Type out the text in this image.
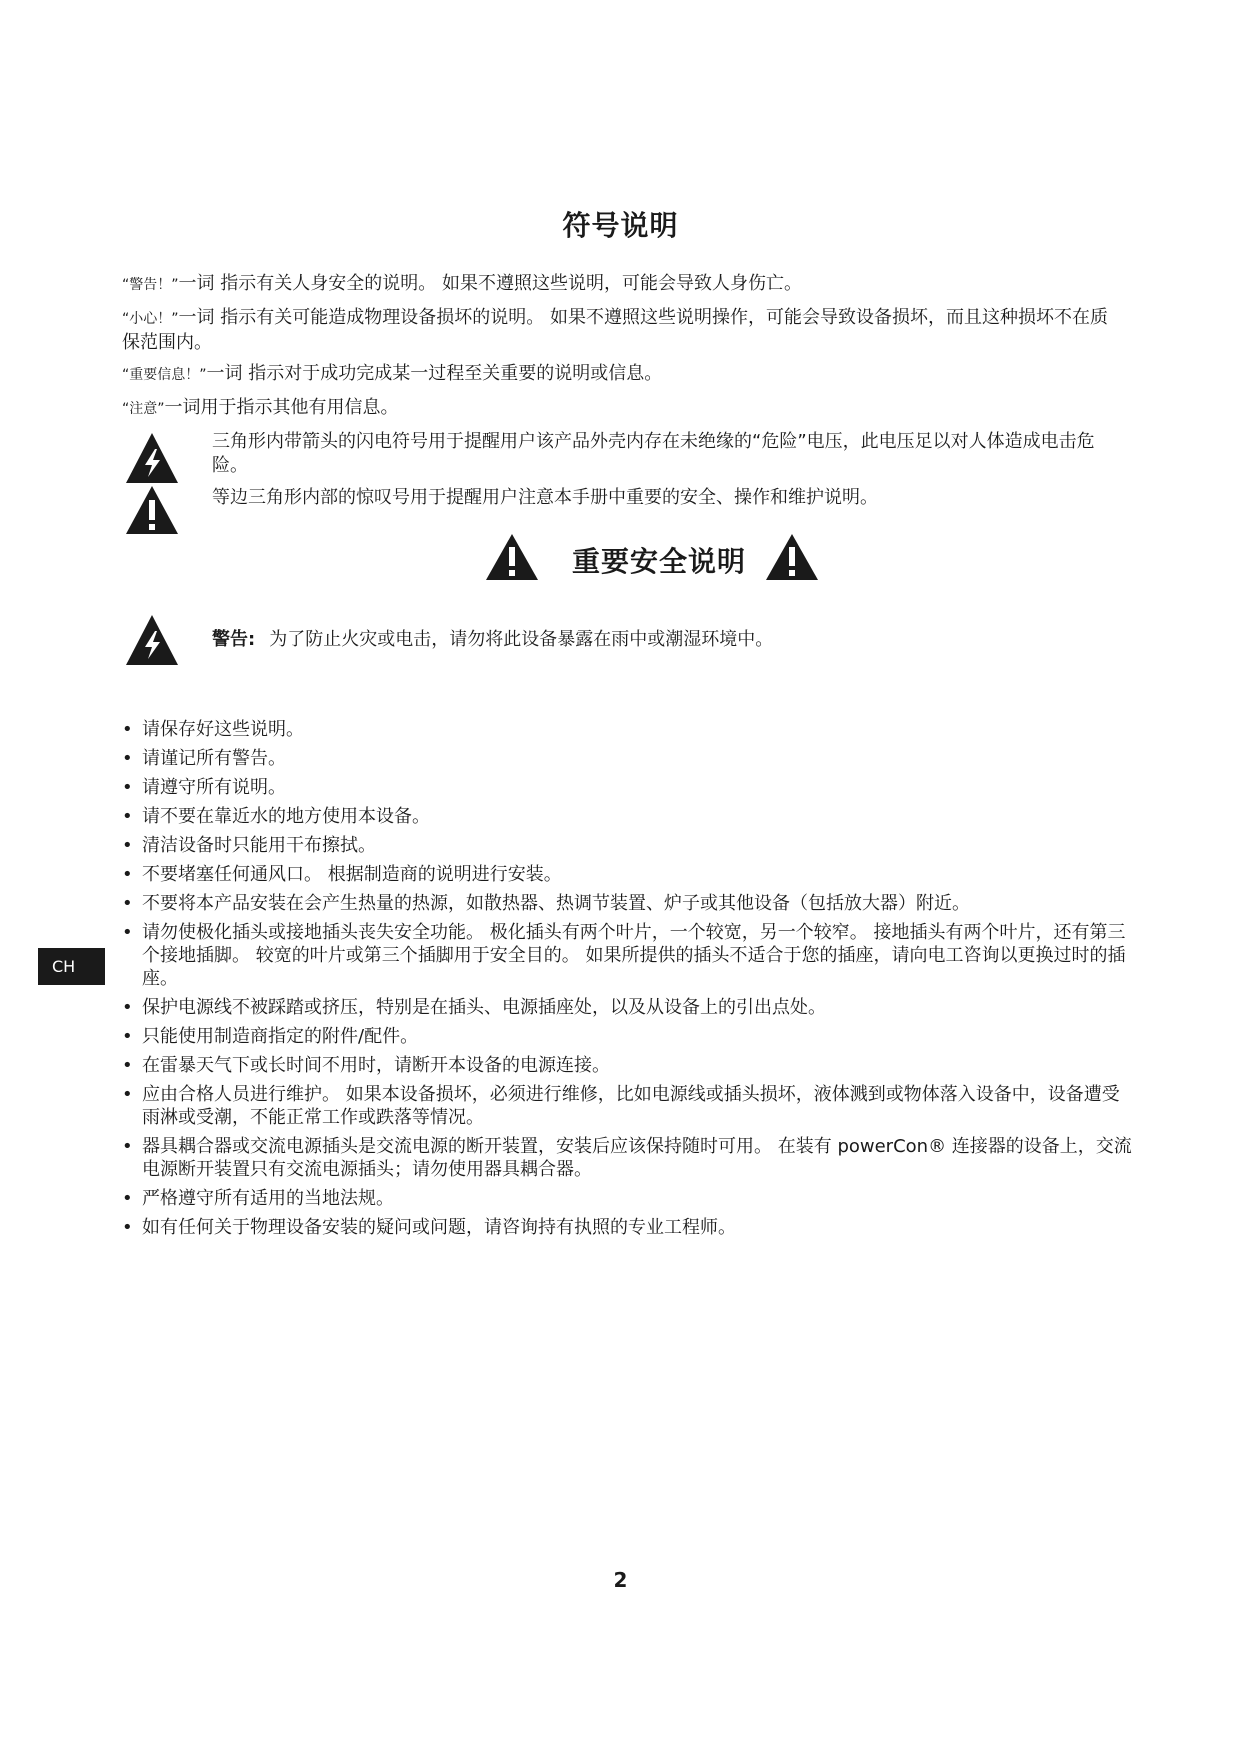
符号说明
“警告！”一词 指示有关人身安全的说明。 如果不遵照这些说明，可能会导致人身伤亡。
“小心！”一词 指示有关可能造成物理设备损坏的说明。 如果不遵照这些说明操作，可能会导致设备损坏，而且这种损坏不在质保范围内。
“重要信息！”一词 指示对于成功完成某一过程至关重要的说明或信息。
“注意”一词用于指示其他有用信息。
三角形内带箭头的闪电符号用于提醒用户该产品外壳内存在未绝缘的“危险”电压，此电压足以对人体造成电击危险。
等边三角形内部的惊叹号用于提醒用户注意本手册中重要的安全、操作和维护说明。
重要安全说明
警告: 为了防止火灾或电击，请勿将此设备暴露在雨中或潮湿环境中。
• 请保存好这些说明。
• 请谨记所有警告。
• 请遵守所有说明。
• 请不要在靠近水的地方使用本设备。
• 清洁设备时只能用干布擦拭。
• 不要堵塞任何通风口。 根据制造商的说明进行安装。
• 不要将本产品安装在会产生热量的热源，如散热器、热调节装置、炉子或其他设备（包括放大器）附近。
• 请勿使极化插头或接地插头丧失安全功能。 极化插头有两个叶片，一个较宽，另一个较窄。 接地插头有两个叶片，还有第三个接地插脚。 较宽的叶片或第三个插脚用于安全目的。 如果所提供的插头不适合于您的插座，请向电工咨询以更换过时的插座。
• 保护电源线不被踩踏或挤压，特别是在插头、电源插座处，以及从设备上的引出点处。
• 只能使用制造商指定的附件/配件。
• 在雷暴天气下或长时间不用时，请断开本设备的电源连接。
• 应由合格人员进行维护。 如果本设备损坏，必须进行维修，比如电源线或插头损坏，液体溅到或物体落入设备中，设备遭受雨淋或受潮，不能正常工作或跌落等情况。
• 器具耦合器或交流电源插头是交流电源的断开装置，安装后应该保持随时可用。 在装有 powerCon® 连接器的设备上，交流电源断开装置只有交流电源插头；请勿使用器具耦合器。
• 严格遵守所有适用的当地法规。
• 如有任何关于物理设备安装的疑问或问题，请咨询持有执照的专业工程师。
CH
2
